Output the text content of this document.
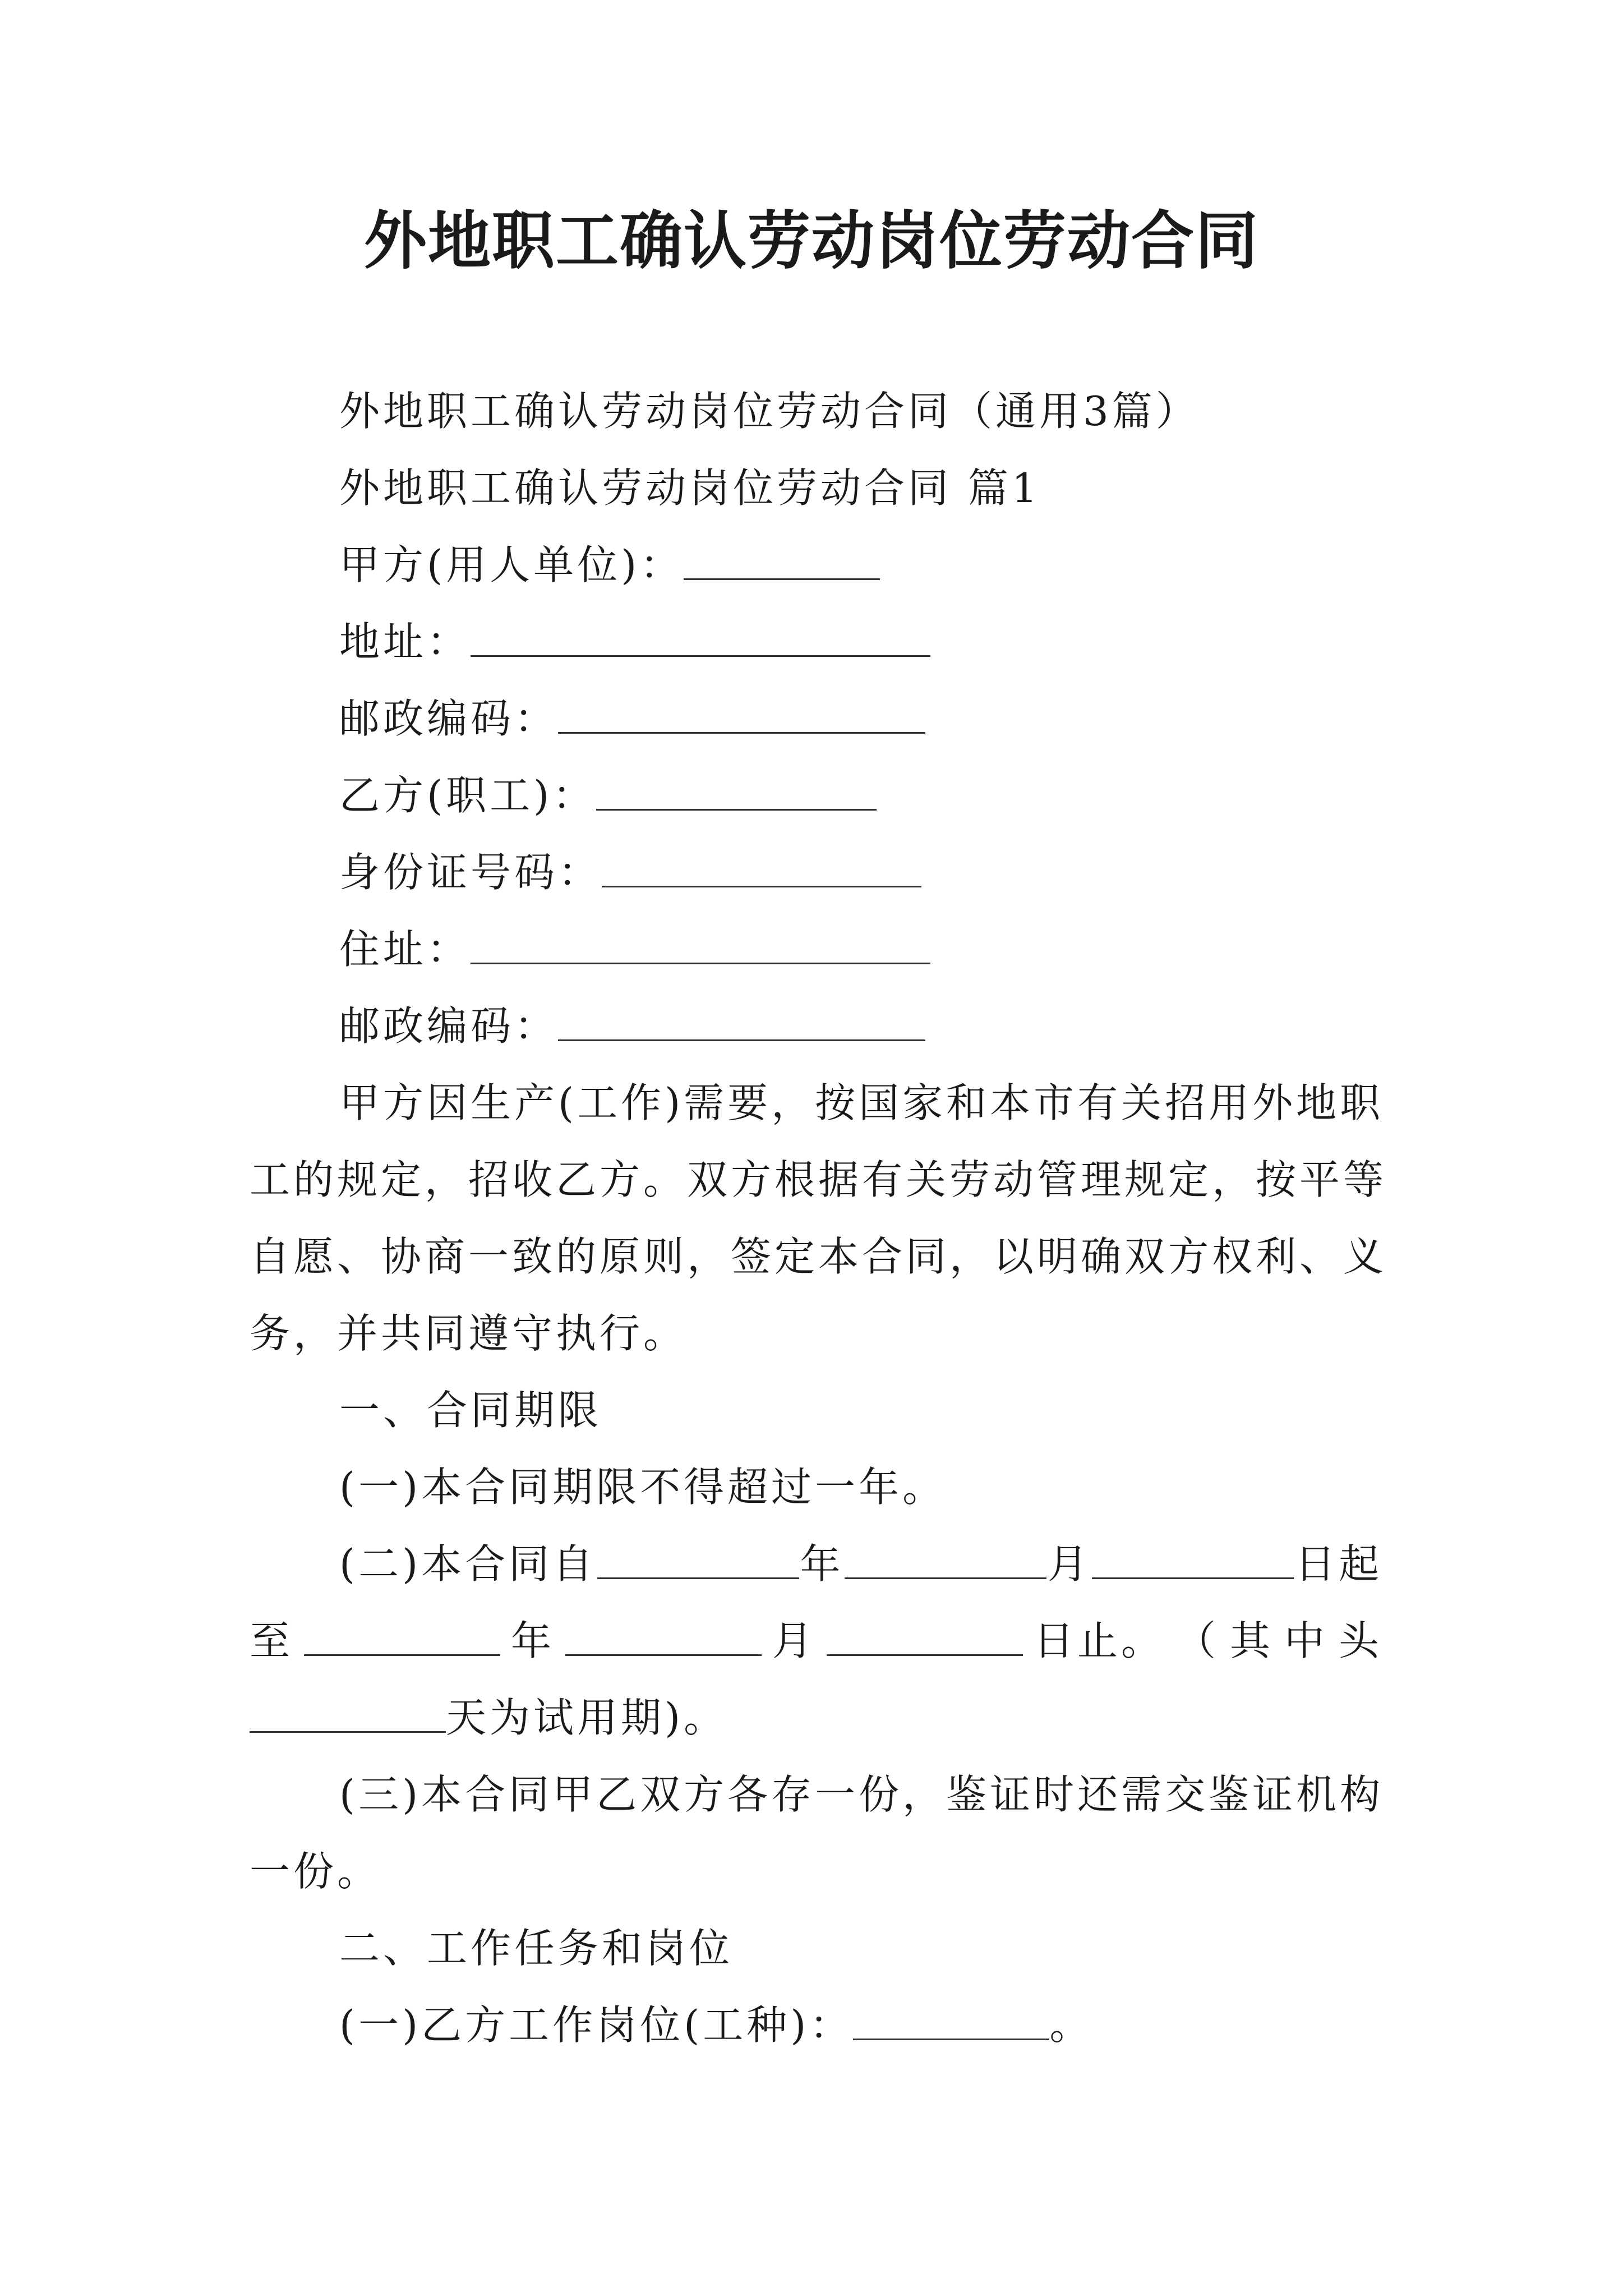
外地职工确认劳动岗位劳动合同
外地职工确认劳动岗位劳动合同（通用3篇）
外地职工确认劳动岗位劳动合同 篇1
甲方(用人单位)：
地址：
邮政编码：
乙方(职工)：
身份证号码：
住址：
邮政编码：
甲方因生产(工作)需要，按国家和本市有关招用外地职
工的规定，招收乙方。双方根据有关劳动管理规定，按平等
自愿、协商一致的原则，签定本合同，以明确双方权利、义
务，并共同遵守执行。
一、合同期限
(一)本合同期限不得超过一年。
(二)本合同自	年	月	日起
至	年	月	日止。 （ 其 中 头
天为试用期)。
(三)本合同甲乙双方各存一份，鉴证时还需交鉴证机构
一份。
二、工作任务和岗位
(一)乙方工作岗位(工种)：	。
